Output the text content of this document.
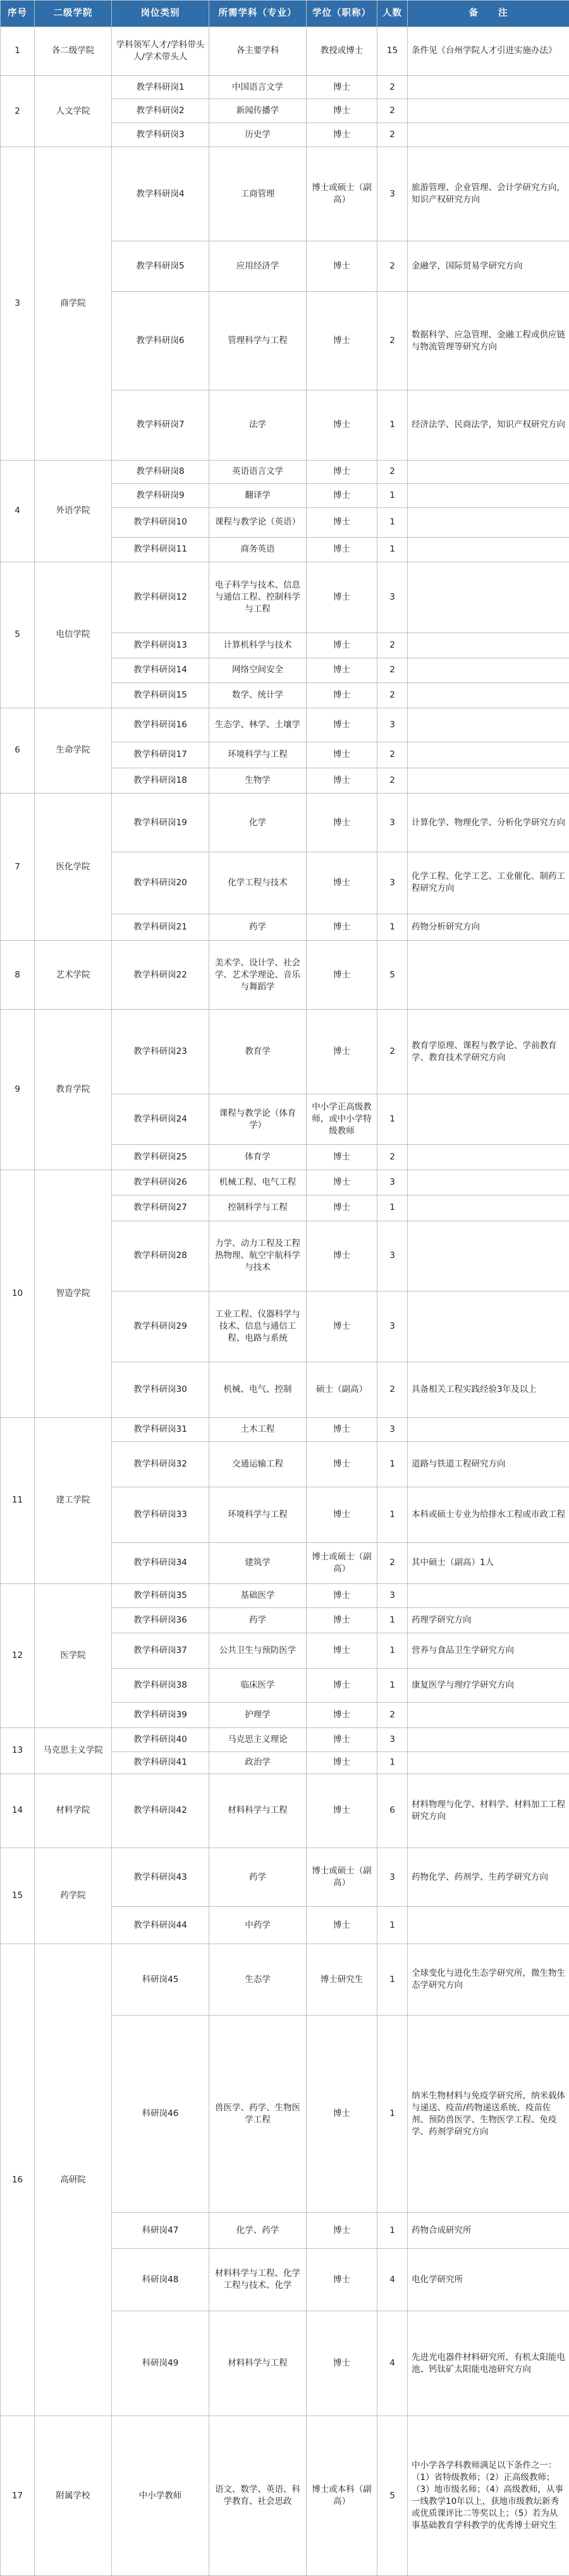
序号	二级学院	岗位类别	所需学科（专业）	学位（职称）	人数	备　　注
1	各二级学院	学科领军人才/学科带头人/学术带头人	各主要学科	教授或博士	15	条件见《台州学院人才引进实施办法》
2	人文学院	教学科研岗1	中国语言文学	博士	2	
		教学科研岗2	新闻传播学	博士	2	
		教学科研岗3	历史学	博士	2	
3	商学院	教学科研岗4	工商管理	博士或硕士（副高）	3	旅游管理、企业管理、会计学研究方向，知识产权研究方向
		教学科研岗5	应用经济学	博士	2	金融学，国际贸易学研究方向
		教学科研岗6	管理科学与工程	博士	2	数据科学、应急管理、金融工程或供应链与物流管理等研究方向
		教学科研岗7	法学	博士	1	经济法学、民商法学，知识产权研究方向
4	外语学院	教学科研岗8	英语语言文学	博士	2	
		教学科研岗9	翻译学	博士	1	
		教学科研岗10	课程与教学论（英语）	博士	1	
		教学科研岗11	商务英语	博士	1	
5	电信学院	教学科研岗12	电子科学与技术、信息与通信工程、控制科学与工程	博士	3	
		教学科研岗13	计算机科学与技术	博士	2	
		教学科研岗14	网络空间安全	博士	2	
		教学科研岗15	数学、统计学	博士	2	
6	生命学院	教学科研岗16	生态学、林学、土壤学	博士	3	
		教学科研岗17	环境科学与工程	博士	2	
		教学科研岗18	生物学	博士	2	
7	医化学院	教学科研岗19	化学	博士	3	计算化学、物理化学、分析化学研究方向
		教学科研岗20	化学工程与技术	博士	3	化学工程、化学工艺、工业催化、制药工程研究方向
		教学科研岗21	药学	博士	1	药物分析研究方向
8	艺术学院	教学科研岗22	美术学、设计学、社会学、艺术学理论、音乐与舞蹈学	博士	5	
9	教育学院	教学科研岗23	教育学	博士	2	教育学原理、课程与教学论、学前教育学、教育技术学研究方向
		教学科研岗24	课程与教学论（体育学）	中小学正高级教师，或中小学特级教师	1	
		教学科研岗25	体育学	博士	2	
10	智造学院	教学科研岗26	机械工程、电气工程	博士	3	
		教学科研岗27	控制科学与工程	博士	1	
		教学科研岗28	力学、动力工程及工程热物理、航空宇航科学与技术	博士	3	
		教学科研岗29	工业工程、仪器科学与技术、信息与通信工程、电路与系统	博士	3	
		教学科研岗30	机械、电气、控制	硕士（副高）	2	具备相关工程实践经验3年及以上
11	建工学院	教学科研岗31	土木工程	博士	3	
		教学科研岗32	交通运输工程	博士	1	道路与铁道工程研究方向
		教学科研岗33	环境科学与工程	博士	1	本科或硕士专业为给排水工程或市政工程
		教学科研岗34	建筑学	博士或硕士（副高）	2	其中硕士（副高）1人
12	医学院	教学科研岗35	基础医学	博士	3	
		教学科研岗36	药学	博士	1	药理学研究方向
		教学科研岗37	公共卫生与预防医学	博士	1	营养与食品卫生学研究方向
		教学科研岗38	临床医学	博士	1	康复医学与理疗学研究方向
		教学科研岗39	护理学	博士	2	
13	马克思主义学院	教学科研岗40	马克思主义理论	博士	3	
		教学科研岗41	政治学	博士	1	
14	材料学院	教学科研岗42	材料科学与工程	博士	6	材料物理与化学、材料学、材料加工工程研究方向
15	药学院	教学科研岗43	药学	博士或硕士（副高）	3	药物化学、药剂学、生药学研究方向
		教学科研岗44	中药学	博士	1	
16	高研院	科研岗45	生态学	博士研究生	1	全球变化与进化生态学研究所，微生物生态学研究方向
		科研岗46	兽医学、药学、生物医学工程	博士	1	纳米生物材料与免疫学研究所，纳米载体与递送、疫苗/药物递送系统、疫苗佐剂、预防兽医学、生物医学工程、免疫学、药剂学研究方向
		科研岗47	化学、药学	博士	1	药物合成研究所
		科研岗48	材料科学与工程、化学工程与技术、化学	博士	4	电化学研究所
		科研岗49	材料科学与工程	博士	4	先进光电器件材料研究所，有机太阳能电池、钙钛矿太阳能电池研究方向
17	附属学校	中小学教师	语文、数学、英语、科学教育、社会思政	博士或本科（副高）	5	中小学各学科教师满足以下条件之一：（1）省特级教师；（2）正高级教师；（3）地市级名师；（4）高级教师，从事一线教学10年以上，获地市级教坛新秀或优质课评比二等奖以上；（5）若为从事基础教育学科教学的优秀博士研究生
